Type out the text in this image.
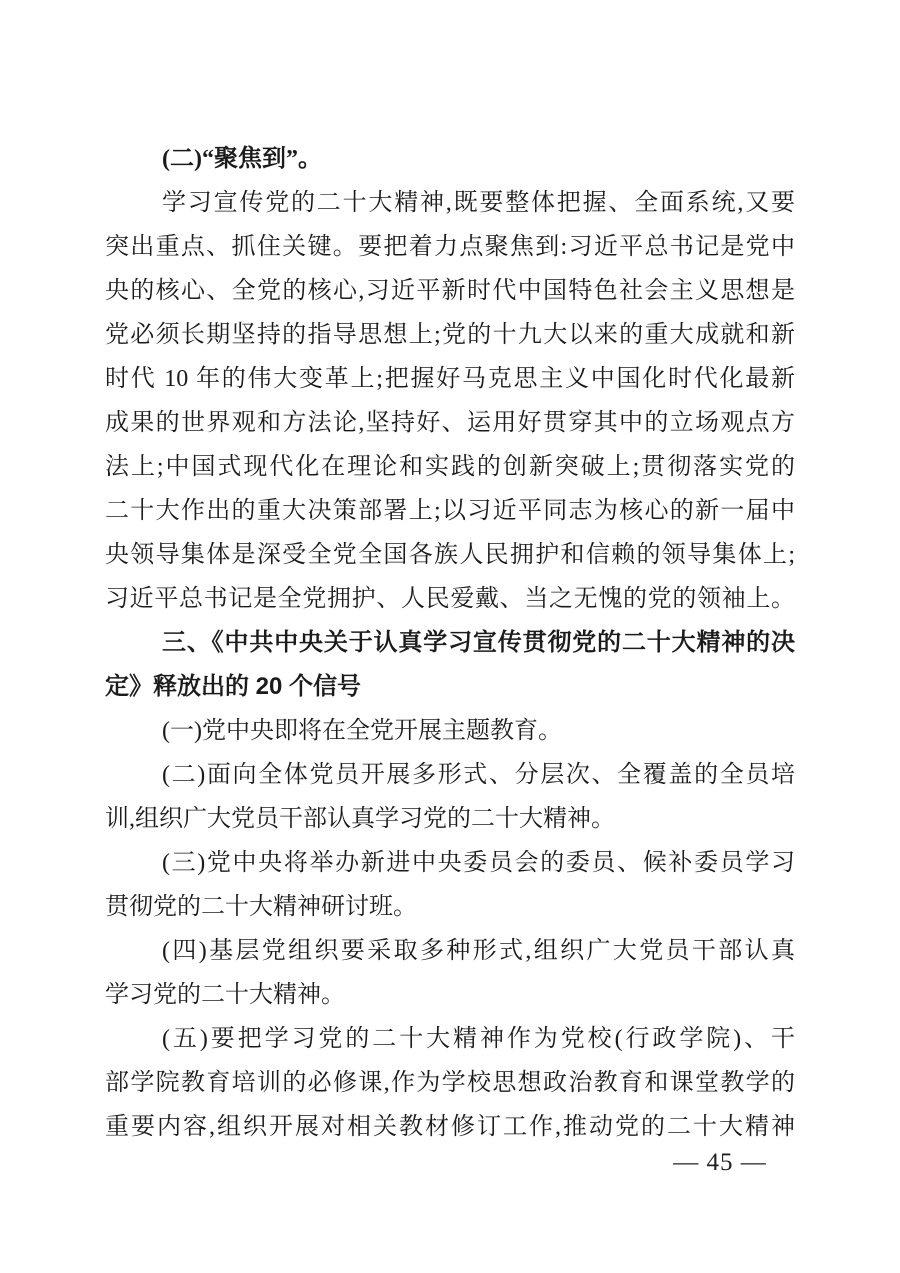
(二)“聚焦到”。
学习宣传党的二十大精神,既要整体把握、全面系统,又要
突出重点、抓住关键。要把着力点聚焦到:习近平总书记是党中
央的核心、全党的核心,习近平新时代中国特色社会主义思想是
党必须长期坚持的指导思想上;党的十九大以来的重大成就和新
时代 10 年的伟大变革上;把握好马克思主义中国化时代化最新
成果的世界观和方法论,坚持好、运用好贯穿其中的立场观点方
法上;中国式现代化在理论和实践的创新突破上;贯彻落实党的
二十大作出的重大决策部署上;以习近平同志为核心的新一届中
央领导集体是深受全党全国各族人民拥护和信赖的领导集体上;
习近平总书记是全党拥护、人民爱戴、当之无愧的党的领袖上。
三、《中共中央关于认真学习宣传贯彻党的二十大精神的决
定》释放出的 20 个信号
(一)党中央即将在全党开展主题教育。
(二)面向全体党员开展多形式、分层次、全覆盖的全员培
训,组织广大党员干部认真学习党的二十大精神。
(三)党中央将举办新进中央委员会的委员、候补委员学习
贯彻党的二十大精神研讨班。
(四)基层党组织要采取多种形式,组织广大党员干部认真
学习党的二十大精神。
(五)要把学习党的二十大精神作为党校(行政学院)、干
部学院教育培训的必修课,作为学校思想政治教育和课堂教学的
重要内容,组织开展对相关教材修订工作,推动党的二十大精神
— 45 —
